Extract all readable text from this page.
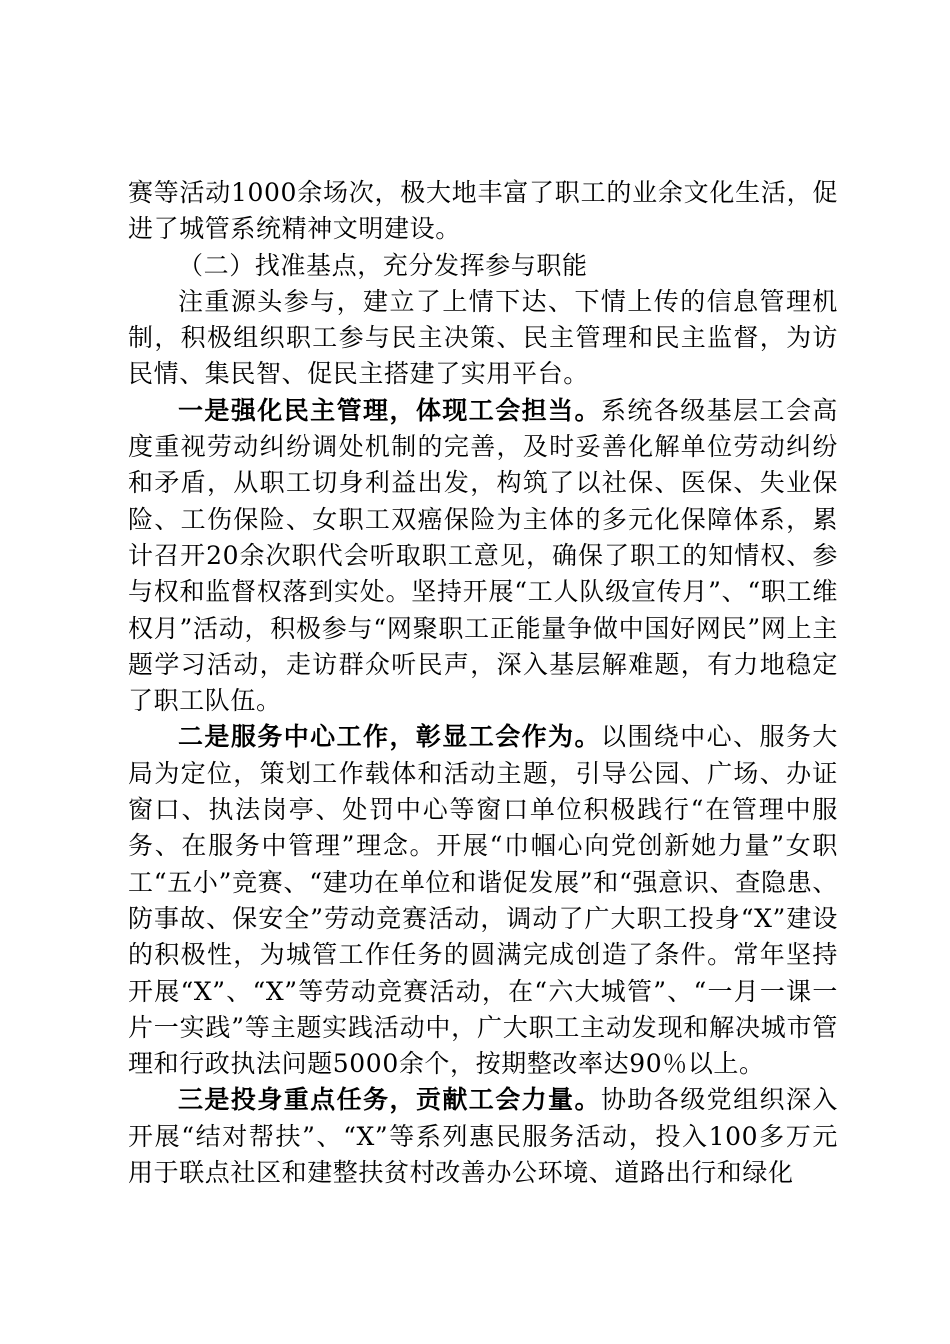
赛等活动1000余场次，极大地丰富了职工的业余文化生活，促进了城管系统精神文明建设。

（二）找准基点，充分发挥参与职能

注重源头参与，建立了上情下达、下情上传的信息管理机制，积极组织职工参与民主决策、民主管理和民主监督，为访民情、集民智、促民主搭建了实用平台。

一是强化民主管理，体现工会担当。系统各级基层工会高度重视劳动纠纷调处机制的完善，及时妥善化解单位劳动纠纷和矛盾，从职工切身利益出发，构筑了以社保、医保、失业保险、工伤保险、女职工双癌保险为主体的多元化保障体系，累计召开20余次职代会听取职工意见，确保了职工的知情权、参与权和监督权落到实处。坚持开展“工人队级宣传月”、“职工维权月”活动，积极参与“网聚职工正能量争做中国好网民”网上主题学习活动，走访群众听民声，深入基层解难题，有力地稳定了职工队伍。

二是服务中心工作，彰显工会作为。以围绕中心、服务大局为定位，策划工作载体和活动主题，引导公园、广场、办证窗口、执法岗亭、处罚中心等窗口单位积极践行“在管理中服务、在服务中管理”理念。开展“巾帼心向党创新她力量”女职工“五小”竞赛、“建功在单位和谐促发展”和“强意识、查隐患、防事故、保安全”劳动竞赛活动，调动了广大职工投身“X”建设的积极性，为城管工作任务的圆满完成创造了条件。常年坚持开展“X”、“X”等劳动竞赛活动，在“六大城管”、“一月一课一片一实践”等主题实践活动中，广大职工主动发现和解决城市管理和行政执法问题5000余个，按期整改率达90％以上。

三是投身重点任务，贡献工会力量。协助各级党组织深入开展“结对帮扶”、“X”等系列惠民服务活动，投入100多万元用于联点社区和建整扶贫村改善办公环境、道路出行和绿化
